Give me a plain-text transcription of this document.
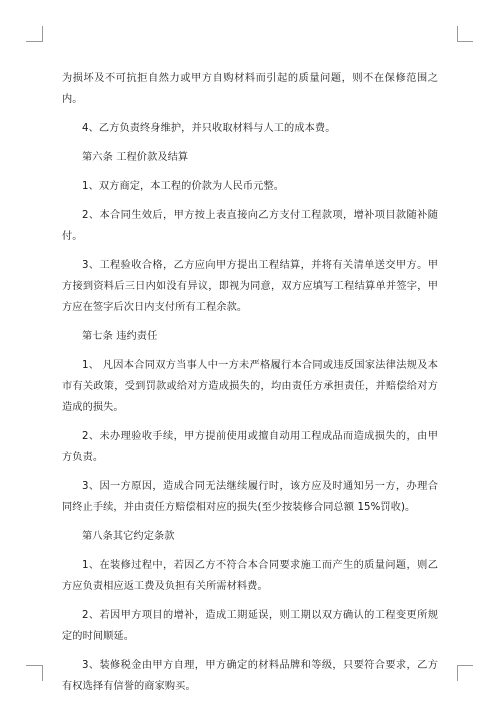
为损坏及不可抗拒自然力或甲方自购材料而引起的质量问题，则不在保修范围之内。

4、乙方负责终身维护，并只收取材料与人工的成本费。

第六条 工程价款及结算

1、双方商定，本工程的价款为人民币元整。

2、本合同生效后，甲方按上表直接向乙方支付工程款项，增补项目款随补随付。

3、工程验收合格，乙方应向甲方提出工程结算，并将有关清单送交甲方。甲方接到资料后三日内如没有异议，即视为同意，双方应填写工程结算单并签字，甲方应在签字后次日内支付所有工程余款。

第七条 违约责任

1、 凡因本合同双方当事人中一方未严格履行本合同或违反国家法律法规及本市有关政策，受到罚款或给对方造成损失的，均由责任方承担责任，并赔偿给对方造成的损失。

2、未办理验收手续，甲方提前使用或擅自动用工程成品而造成损失的，由甲方负责。

3、因一方原因，造成合同无法继续履行时，该方应及时通知另一方，办理合同终止手续，并由责任方赔偿相对应的损失(至少按装修合同总额 15%罚收)。

第八条其它约定条款

1、在装修过程中，若因乙方不符合本合同要求施工而产生的质量问题，则乙方应负责相应返工费及负担有关所需材料费。

2、若因甲方项目的增补，造成工期延误，则工期以双方确认的工程变更所规定的时间顺延。

3、装修税金由甲方自理，甲方确定的材料品牌和等级，只要符合要求，乙方有权选择有信誉的商家购买。
